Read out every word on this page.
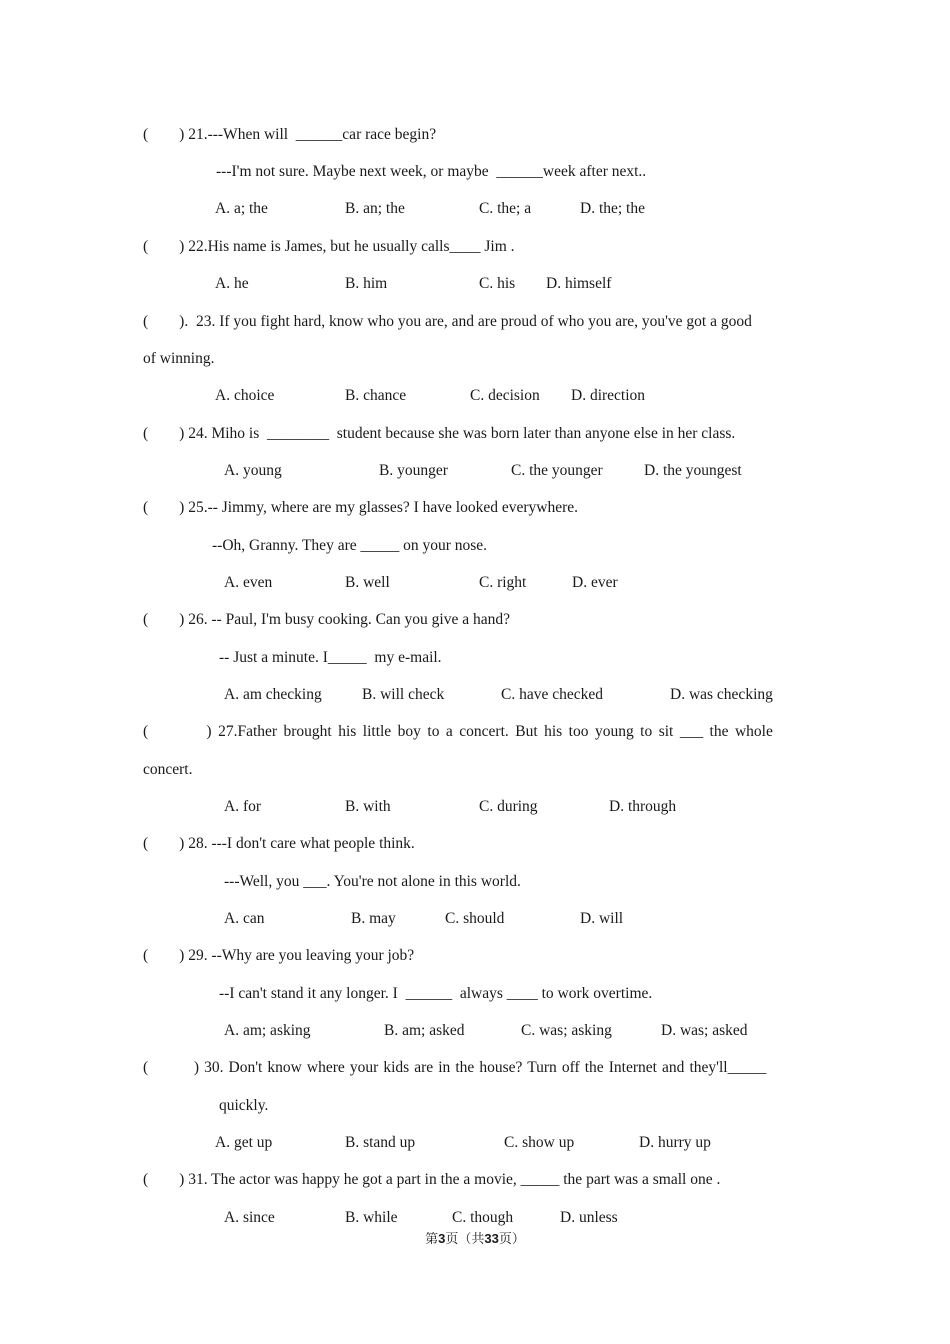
(        ) 21.---When will  ______car race begin?
---I'm not sure. Maybe next week, or maybe  ______week after next..
A. a; the	B. an; the	C. the; a	D. the; the
(        ) 22.His name is James, but he usually calls____ Jim .
A. he	B. him	C. his D. himself
(        ).  23. If you fight hard, know who you are, and are proud of who you are, you've got a good
of winning.
A. choice	B. chance	C. decision D. direction
(        ) 24. Miho is  ________  student because she was born later than anyone else in her class.
A. young	B. younger	C. the younger	D. the youngest
(        ) 25.-- Jimmy, where are my glasses? I have looked everywhere.
--Oh, Granny. They are _____ on your nose.
A. even	B. well	C. right	D. ever
(        ) 26. -- Paul, I'm busy cooking. Can you give a hand?
-- Just a minute. I_____  my e-mail.
A. am checking	B. will check	C. have checked	D. was checking
(         ) 27.Father brought his little boy to a concert. But his too young to sit ___ the whole
concert.
A. for	B. with	C. during	D. through
(        ) 28. ---I don't care what people think.
---Well, you ___. You're not alone in this world.
A. can	B. may	C. should	D. will
(        ) 29. --Why are you leaving your job?
--I can't stand it any longer. I  ______  always ____ to work overtime.
A. am; asking	B. am; asked	C. was; asking	D. was; asked
(         ) 30. Don't know where your kids are in the house? Turn off the Internet and they'll_____
quickly.
A. get up	B. stand up	C. show up	D. hurry up
(        ) 31. The actor was happy he got a part in the a movie, _____ the part was a small one .
A. since	B. while	C. though	D. unless
第3页（共33页）
